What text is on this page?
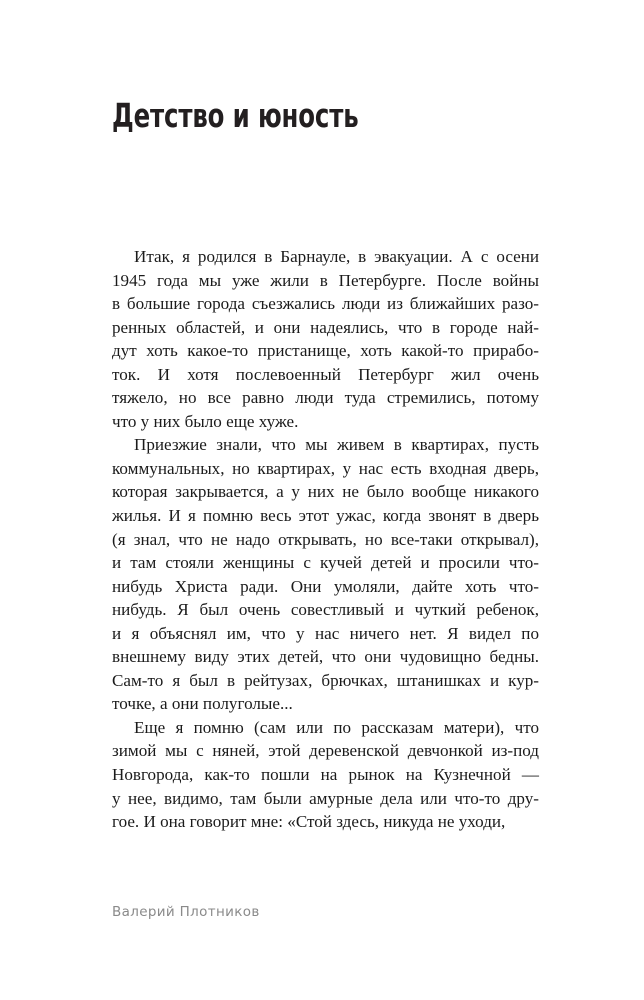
Детство и юность

Итак, я родился в Барнауле, в эвакуации. А с осени
1945 года мы уже жили в Петербурге. После войны
в большие города съезжались люди из ближайших разо-
ренных областей, и они надеялись, что в городе най-
дут хоть какое-то пристанище, хоть какой-то прирабо-
ток. И хотя послевоенный Петербург жил очень
тяжело, но все равно люди туда стремились, потому
что у них было еще хуже.

Приезжие знали, что мы живем в квартирах, пусть
коммунальных, но квартирах, у нас есть входная дверь,
которая закрывается, а у них не было вообще никакого
жилья. И я помню весь этот ужас, когда звонят в дверь
(я знал, что не надо открывать, но все-таки открывал),
и там стояли женщины с кучей детей и просили что-
нибудь Христа ради. Они умоляли, дайте хоть что-
нибудь. Я был очень совестливый и чуткий ребенок,
и я объяснял им, что у нас ничего нет. Я видел по
внешнему виду этих детей, что они чудовищно бедны.
Сам-то я был в рейтузах, брючках, штанишках и кур-
точке, а они полуголые...

Еще я помню (сам или по рассказам матери), что
зимой мы с няней, этой деревенской девчонкой из-под
Новгорода, как-то пошли на рынок на Кузнечной —
у нее, видимо, там были амурные дела или что-то дру-
гое. И она говорит мне: «Стой здесь, никуда не уходи,

Валерий Плотников
